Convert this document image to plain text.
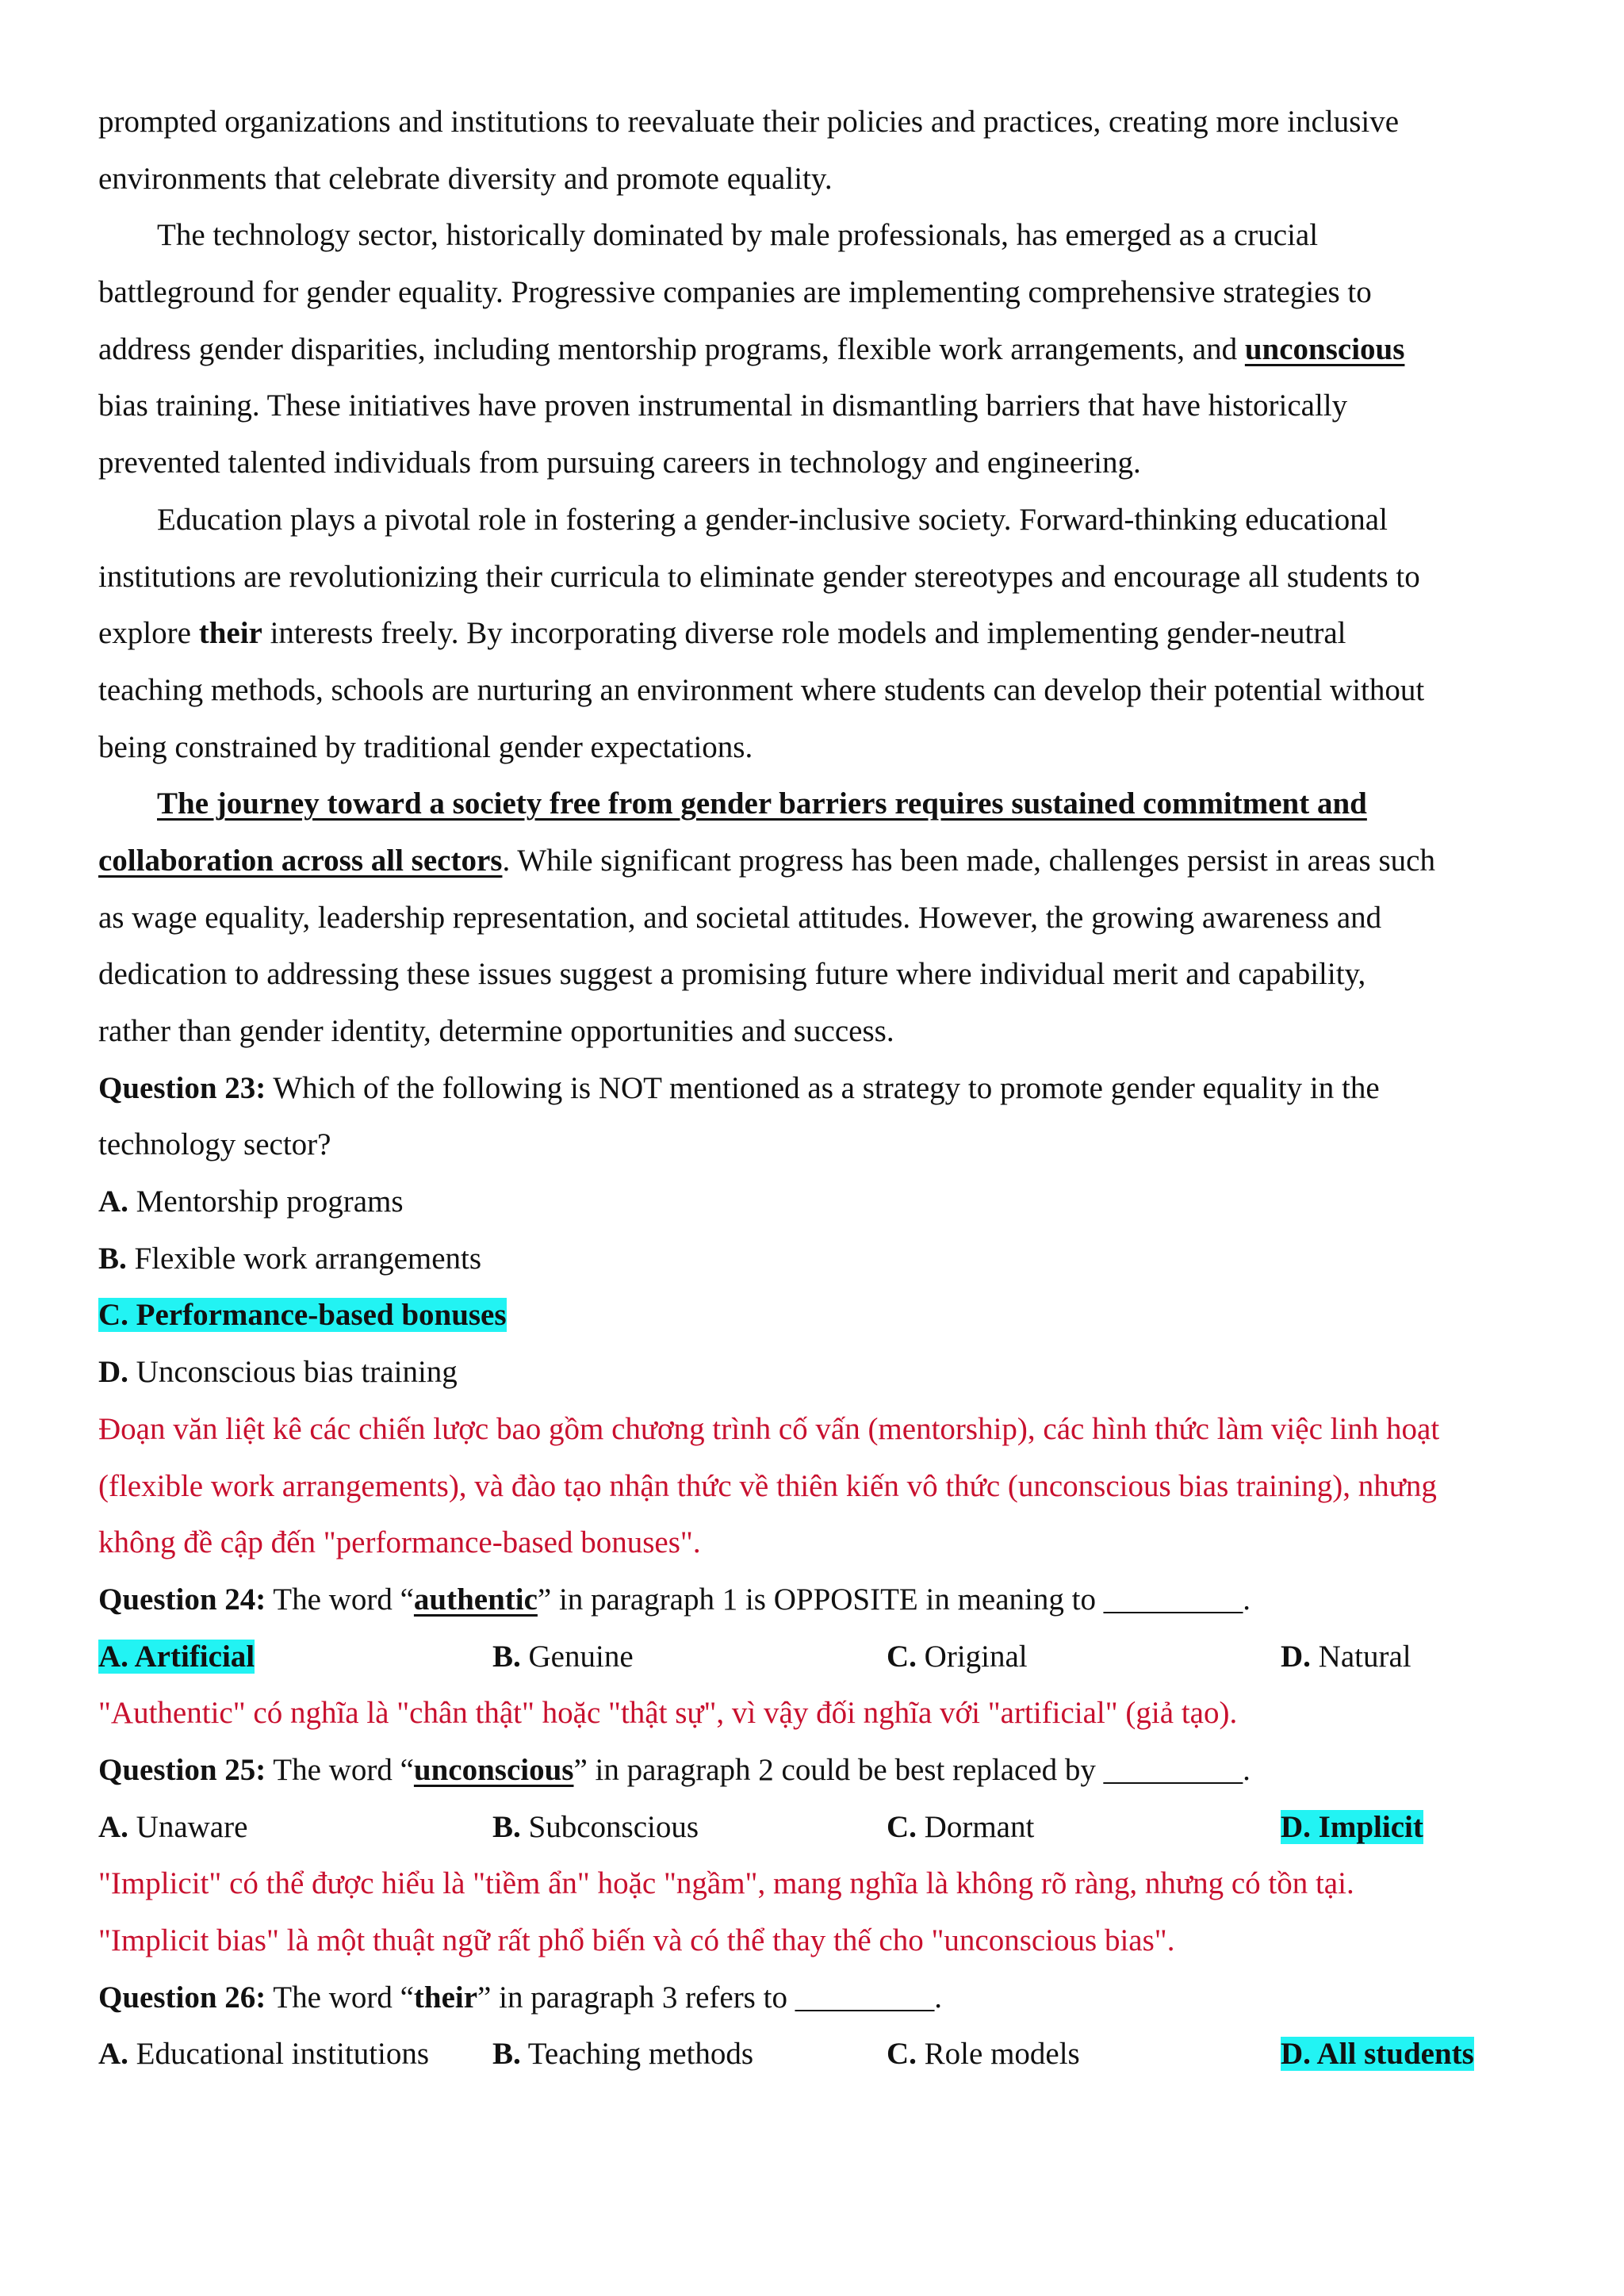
prompted organizations and institutions to reevaluate their policies and practices, creating more inclusive
environments that celebrate diversity and promote equality.
The technology sector, historically dominated by male professionals, has emerged as a crucial
battleground for gender equality. Progressive companies are implementing comprehensive strategies to
address gender disparities, including mentorship programs, flexible work arrangements, and unconscious
bias training. These initiatives have proven instrumental in dismantling barriers that have historically
prevented talented individuals from pursuing careers in technology and engineering.
Education plays a pivotal role in fostering a gender-inclusive society. Forward-thinking educational
institutions are revolutionizing their curricula to eliminate gender stereotypes and encourage all students to
explore their interests freely. By incorporating diverse role models and implementing gender-neutral
teaching methods, schools are nurturing an environment where students can develop their potential without
being constrained by traditional gender expectations.
The journey toward a society free from gender barriers requires sustained commitment and
collaboration across all sectors. While significant progress has been made, challenges persist in areas such
as wage equality, leadership representation, and societal attitudes. However, the growing awareness and
dedication to addressing these issues suggest a promising future where individual merit and capability,
rather than gender identity, determine opportunities and success.
Question 23: Which of the following is NOT mentioned as a strategy to promote gender equality in the
technology sector?
A. Mentorship programs
B. Flexible work arrangements
C. Performance-based bonuses
D. Unconscious bias training
Đoạn văn liệt kê các chiến lược bao gồm chương trình cố vấn (mentorship), các hình thức làm việc linh hoạt
(flexible work arrangements), và đào tạo nhận thức về thiên kiến vô thức (unconscious bias training), nhưng
không đề cập đến "performance-based bonuses".
Question 24: The word “authentic” in paragraph 1 is OPPOSITE in meaning to _________.
A. Artificial	B. Genuine	C. Original	D. Natural
"Authentic" có nghĩa là "chân thật" hoặc "thật sự", vì vậy đối nghĩa với "artificial" (giả tạo).
Question 25: The word “unconscious” in paragraph 2 could be best replaced by _________.
A. Unaware	B. Subconscious	C. Dormant	D. Implicit
"Implicit" có thể được hiểu là "tiềm ẩn" hoặc "ngầm", mang nghĩa là không rõ ràng, nhưng có tồn tại.
"Implicit bias" là một thuật ngữ rất phổ biến và có thể thay thế cho "unconscious bias".
Question 26: The word “their” in paragraph 3 refers to _________.
A. Educational institutions	B. Teaching methods	C. Role models	D. All students
